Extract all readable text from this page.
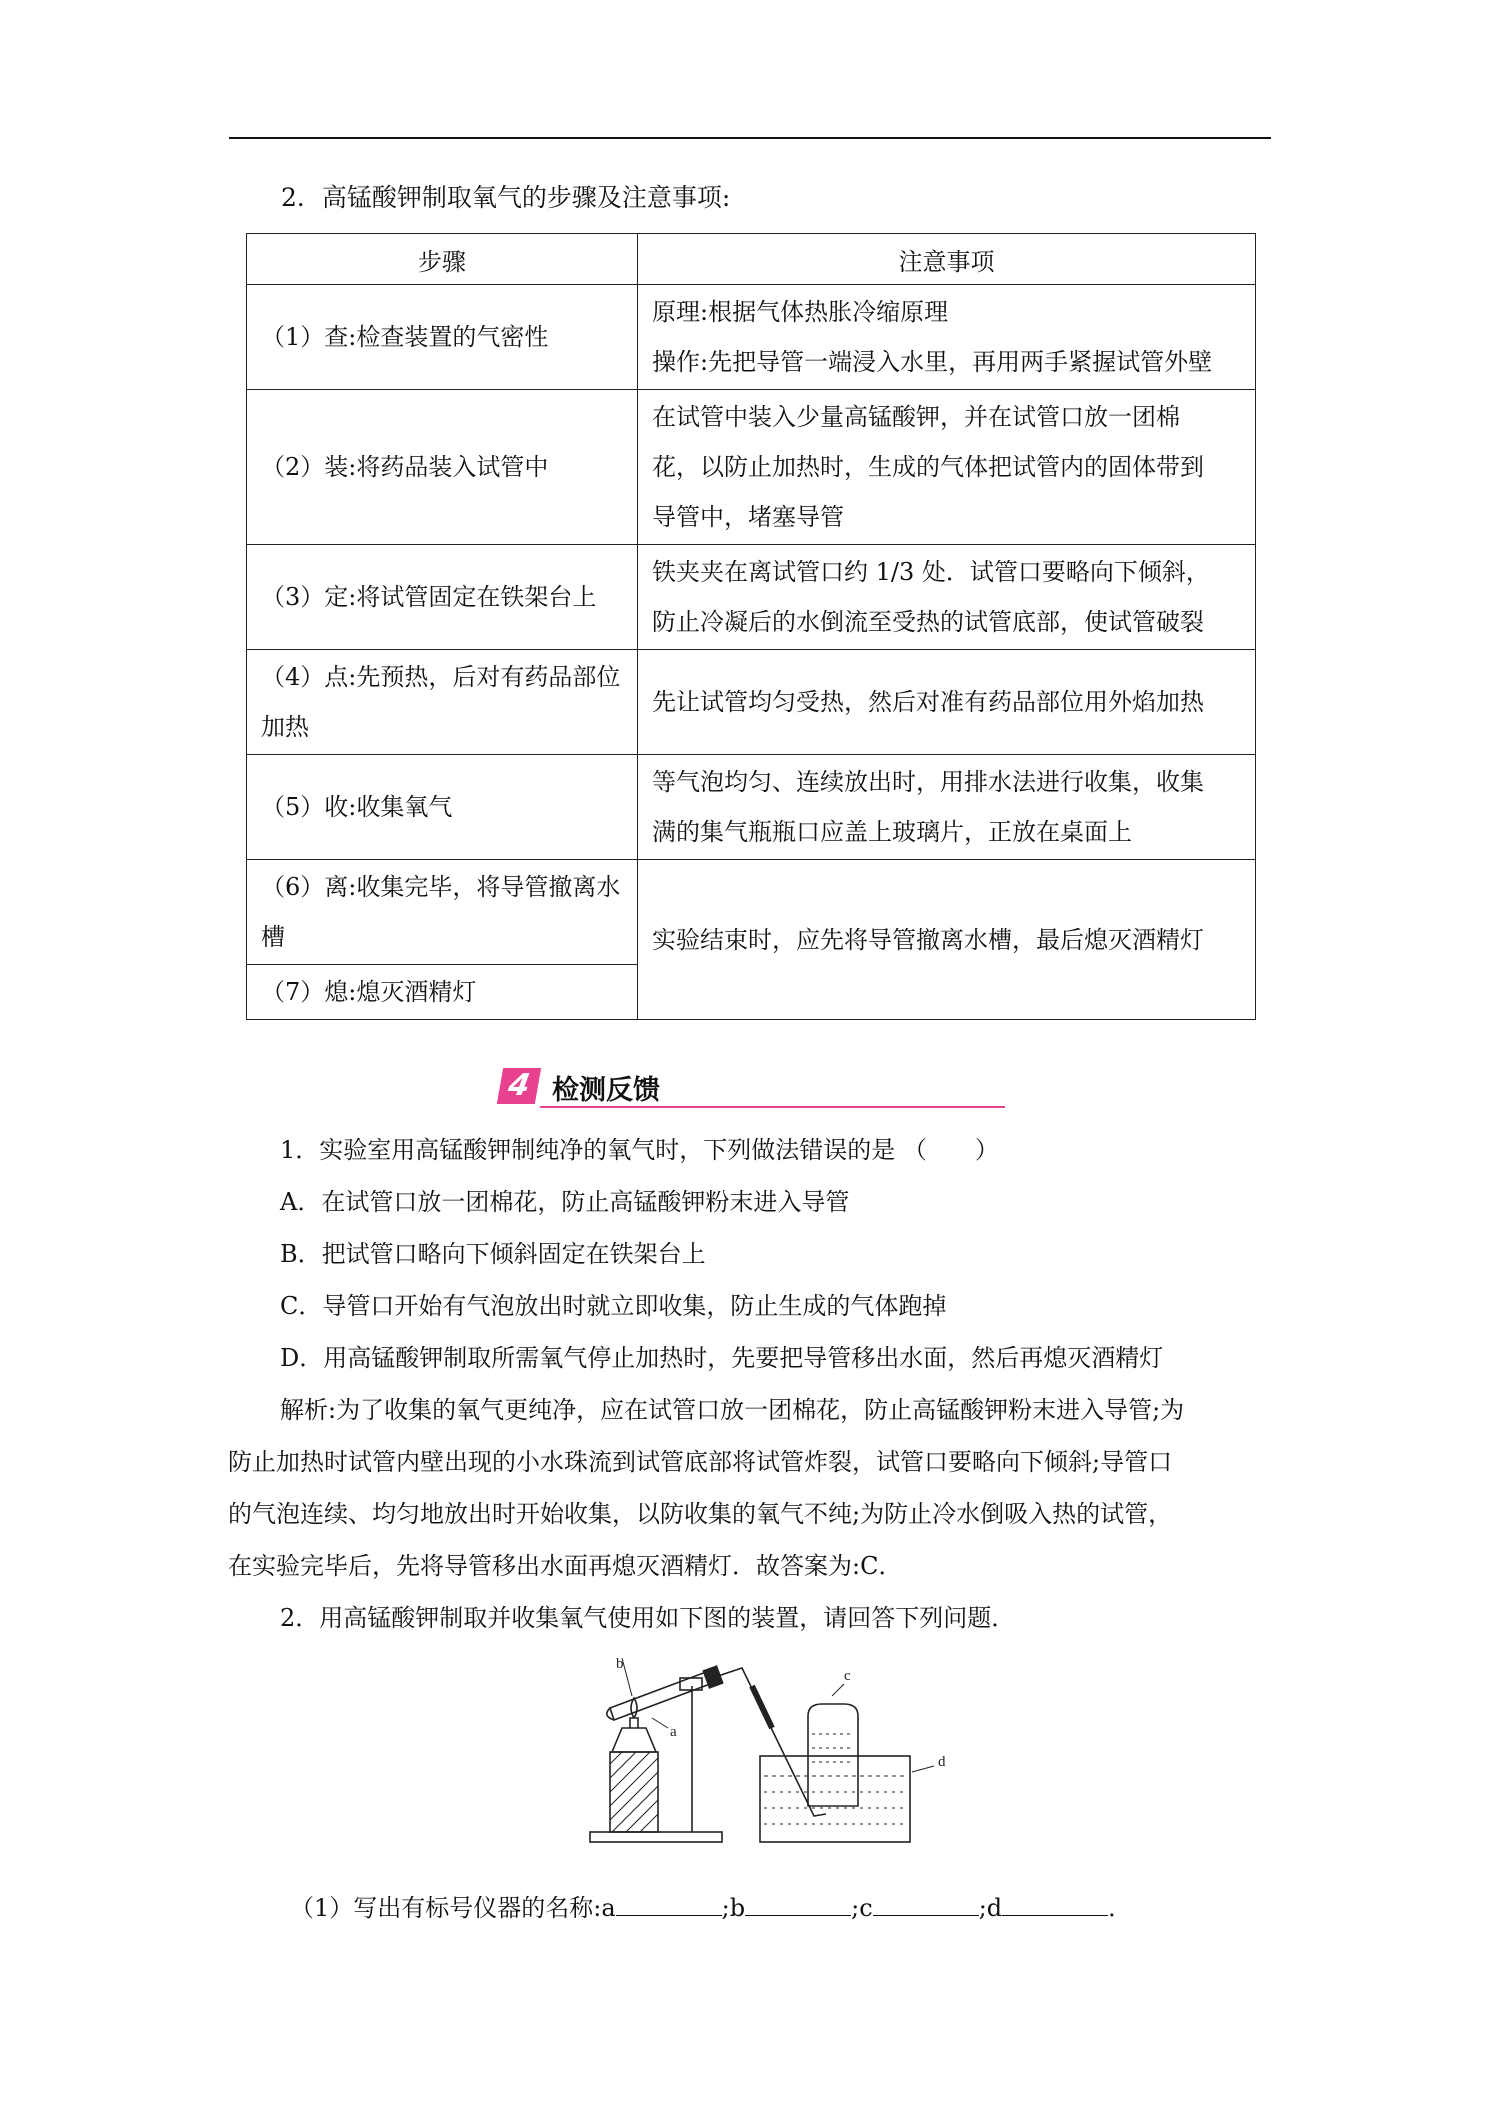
2．高锰酸钾制取氧气的步骤及注意事项:
步骤	注意事项
（1）查:检查装置的气密性	原理:根据气体热胀冷缩原理
操作:先把导管一端浸入水里，再用两手紧握试管外壁

（2）装:将药品装入试管中	在试管中装入少量高锰酸钾，并在试管口放一团棉
花，以防止加热时，生成的气体把试管内的固体带到
导管中，堵塞导管

（3）定:将试管固定在铁架台上	铁夹夹在离试管口约 1/3 处．试管口要略向下倾斜，
防止冷凝后的水倒流至受热的试管底部，使试管破裂

（4）点:先预热，后对有药品部位加热	先让试管均匀受热，然后对准有药品部位用外焰加热

（5）收:收集氧气	等气泡均匀、连续放出时，用排水法进行收集，收集
满的集气瓶瓶口应盖上玻璃片，正放在桌面上

（6）离:收集完毕，将导管撤离水槽	实验结束时，应先将导管撤离水槽，最后熄灭酒精灯

（7）熄:熄灭酒精灯	
4 检测反馈
1．实验室用高锰酸钾制纯净的氧气时，下列做法错误的是 （　　）
A．在试管口放一团棉花，防止高锰酸钾粉末进入导管
B．把试管口略向下倾斜固定在铁架台上
C．导管口开始有气泡放出时就立即收集，防止生成的气体跑掉
D．用高锰酸钾制取所需氧气停止加热时，先要把导管移出水面，然后再熄灭酒精灯
解析:为了收集的氧气更纯净，应在试管口放一团棉花，防止高锰酸钾粉末进入导管;为
防止加热时试管内壁出现的小水珠流到试管底部将试管炸裂，试管口要略向下倾斜;导管口
的气泡连续、均匀地放出时开始收集，以防收集的氧气不纯;为防止冷水倒吸入热的试管，
在实验完毕后，先将导管移出水面再熄灭酒精灯．故答案为:C．
2．用高锰酸钾制取并收集氧气使用如下图的装置，请回答下列问题．
b
a
c
d
（1）写出有标号仪器的名称:a	;b	;c	;d	．
